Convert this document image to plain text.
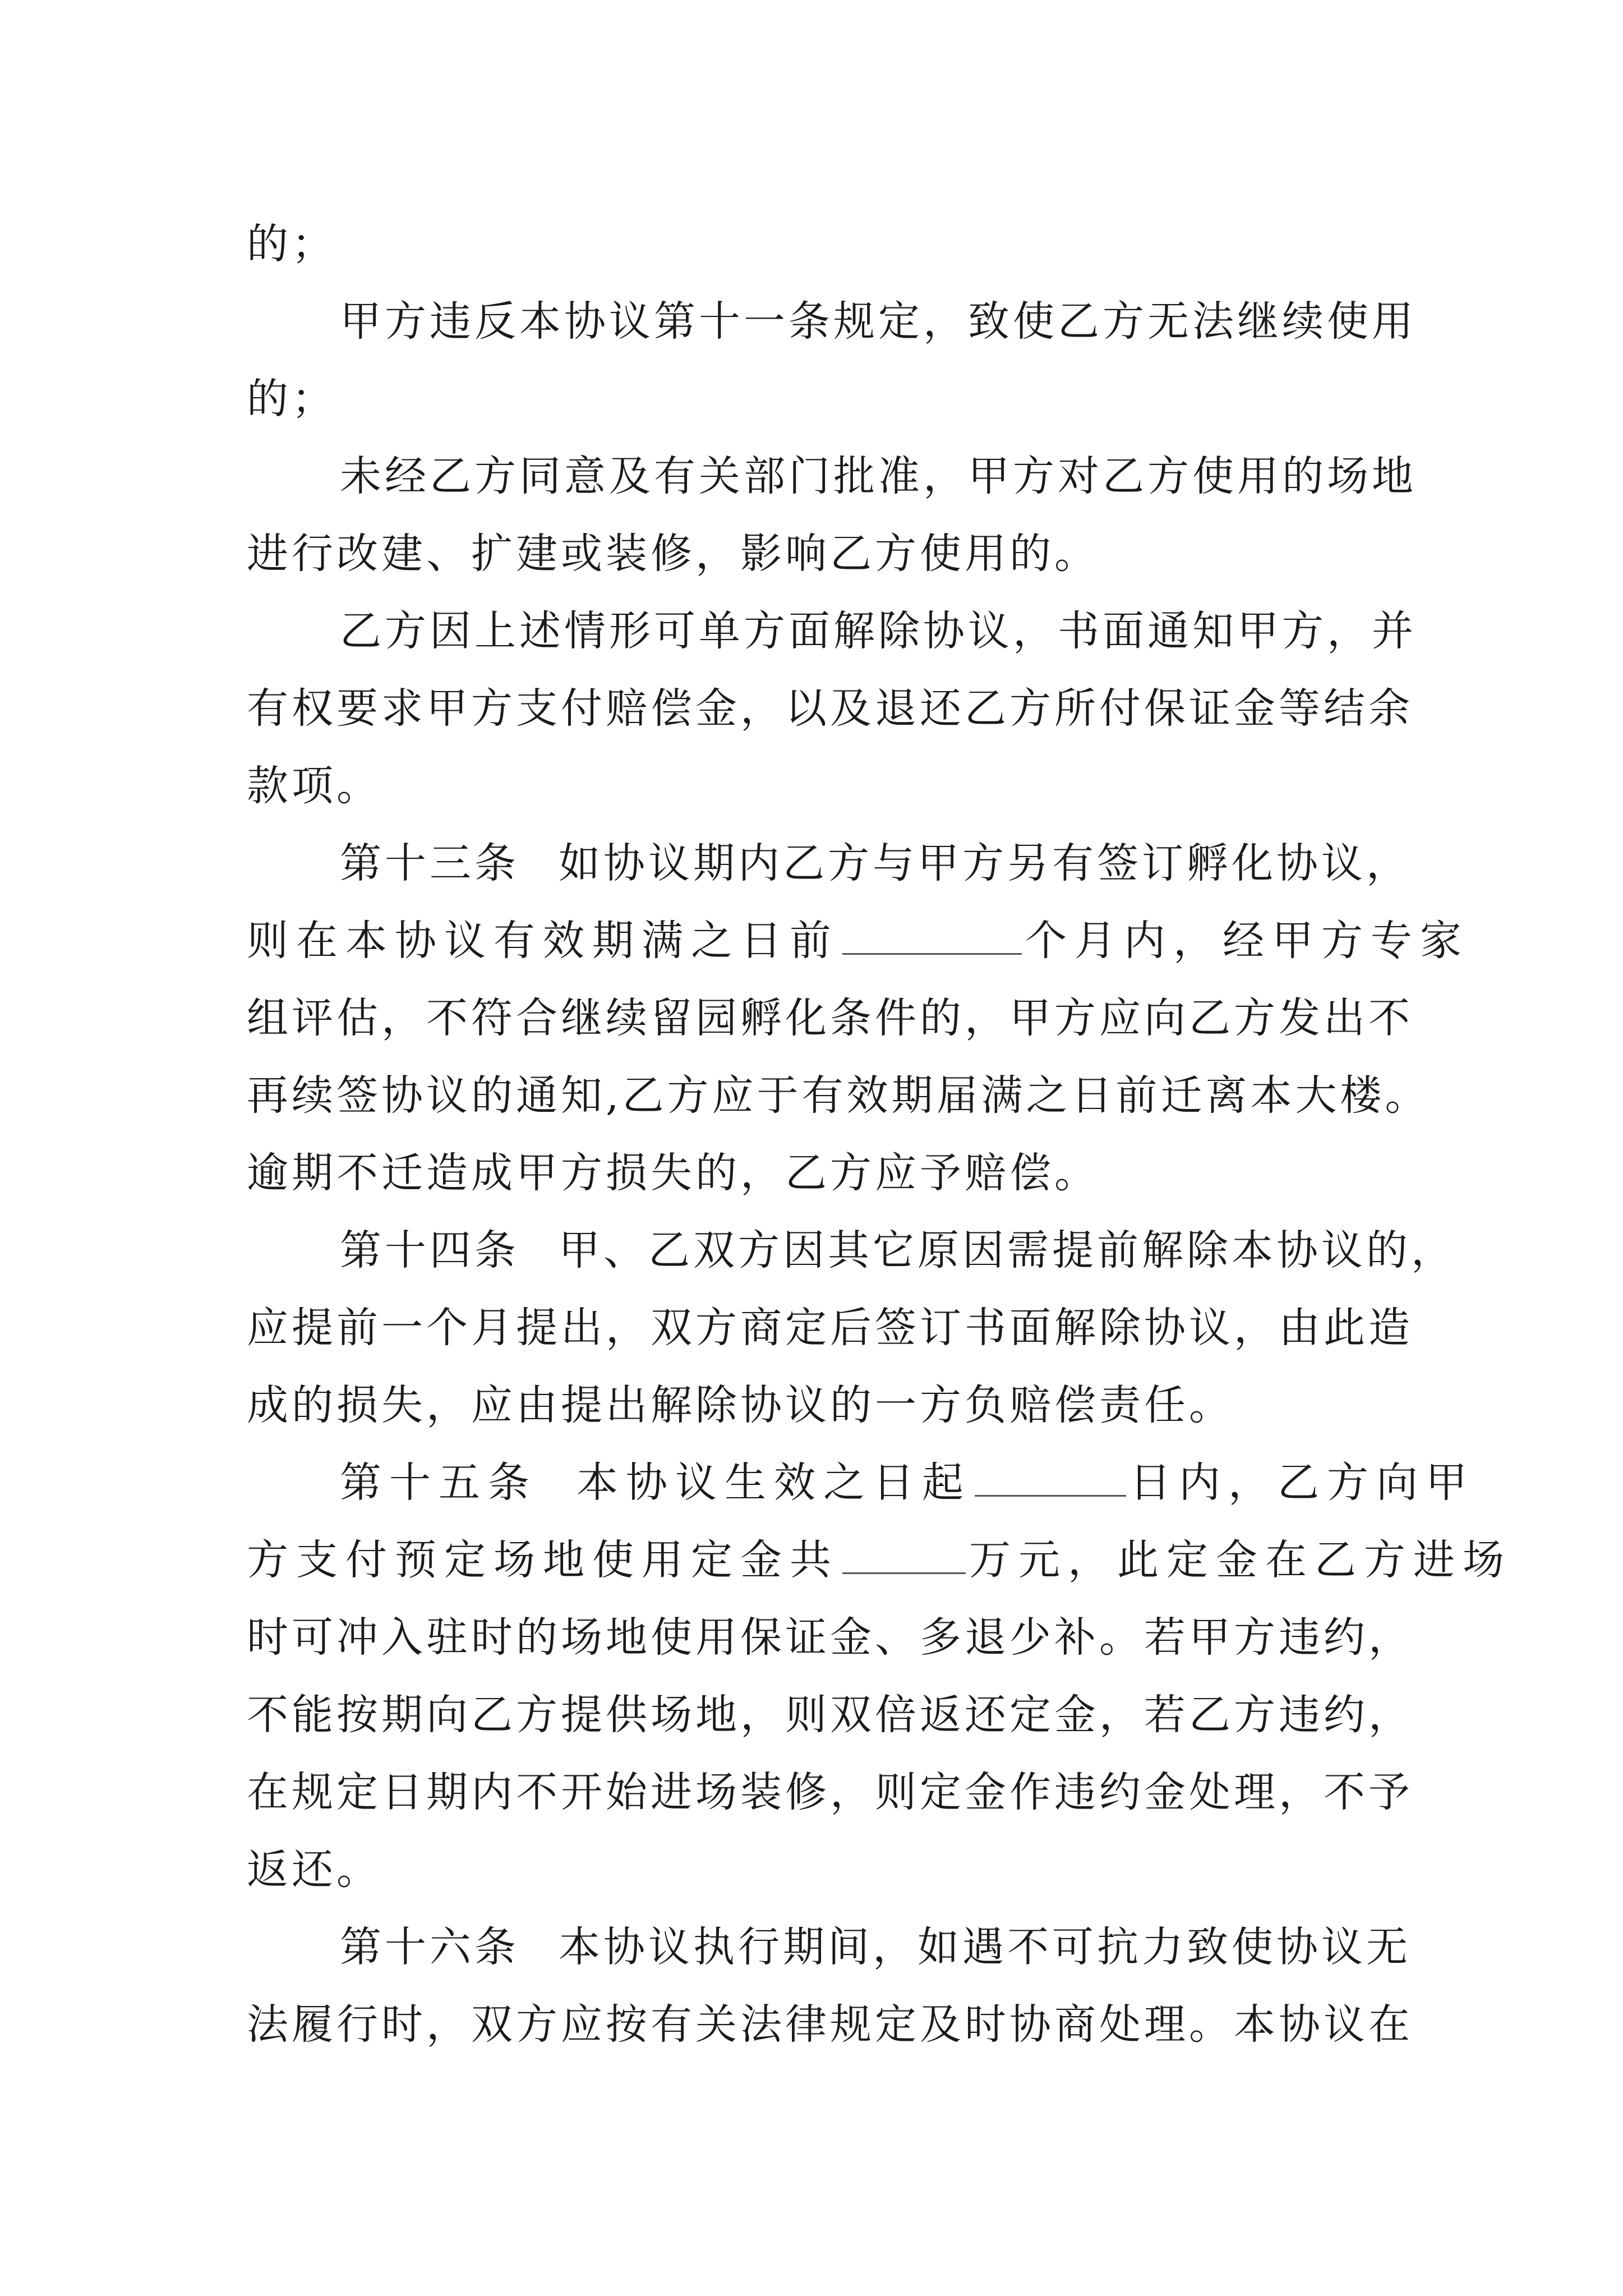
的；
甲方违反本协议第十一条规定，致使乙方无法继续使用
的；
未经乙方同意及有关部门批准，甲方对乙方使用的场地
进行改建、扩建或装修，影响乙方使用的。
乙方因上述情形可单方面解除协议，书面通知甲方，并
有权要求甲方支付赔偿金，以及退还乙方所付保证金等结余
款项。
第十三条 如协议期内乙方与甲方另有签订孵化协议，
则在本协议有效期满之日前	个月内，经甲方专家
组评估，不符合继续留园孵化条件的，甲方应向乙方发出不
再续签协议的通知,乙方应于有效期届满之日前迁离本大楼。
逾期不迁造成甲方损失的，乙方应予赔偿。
第十四条 甲、乙双方因其它原因需提前解除本协议的，
应提前一个月提出，双方商定后签订书面解除协议，由此造
成的损失，应由提出解除协议的一方负赔偿责任。
第十五条 本协议生效之日起	日内，乙方向甲
方支付预定场地使用定金共	万元，此定金在乙方进场
时可冲入驻时的场地使用保证金、多退少补。若甲方违约，
不能按期向乙方提供场地，则双倍返还定金，若乙方违约，
在规定日期内不开始进场装修，则定金作违约金处理，不予
返还。
第十六条 本协议执行期间，如遇不可抗力致使协议无
法履行时，双方应按有关法律规定及时协商处理。本协议在
